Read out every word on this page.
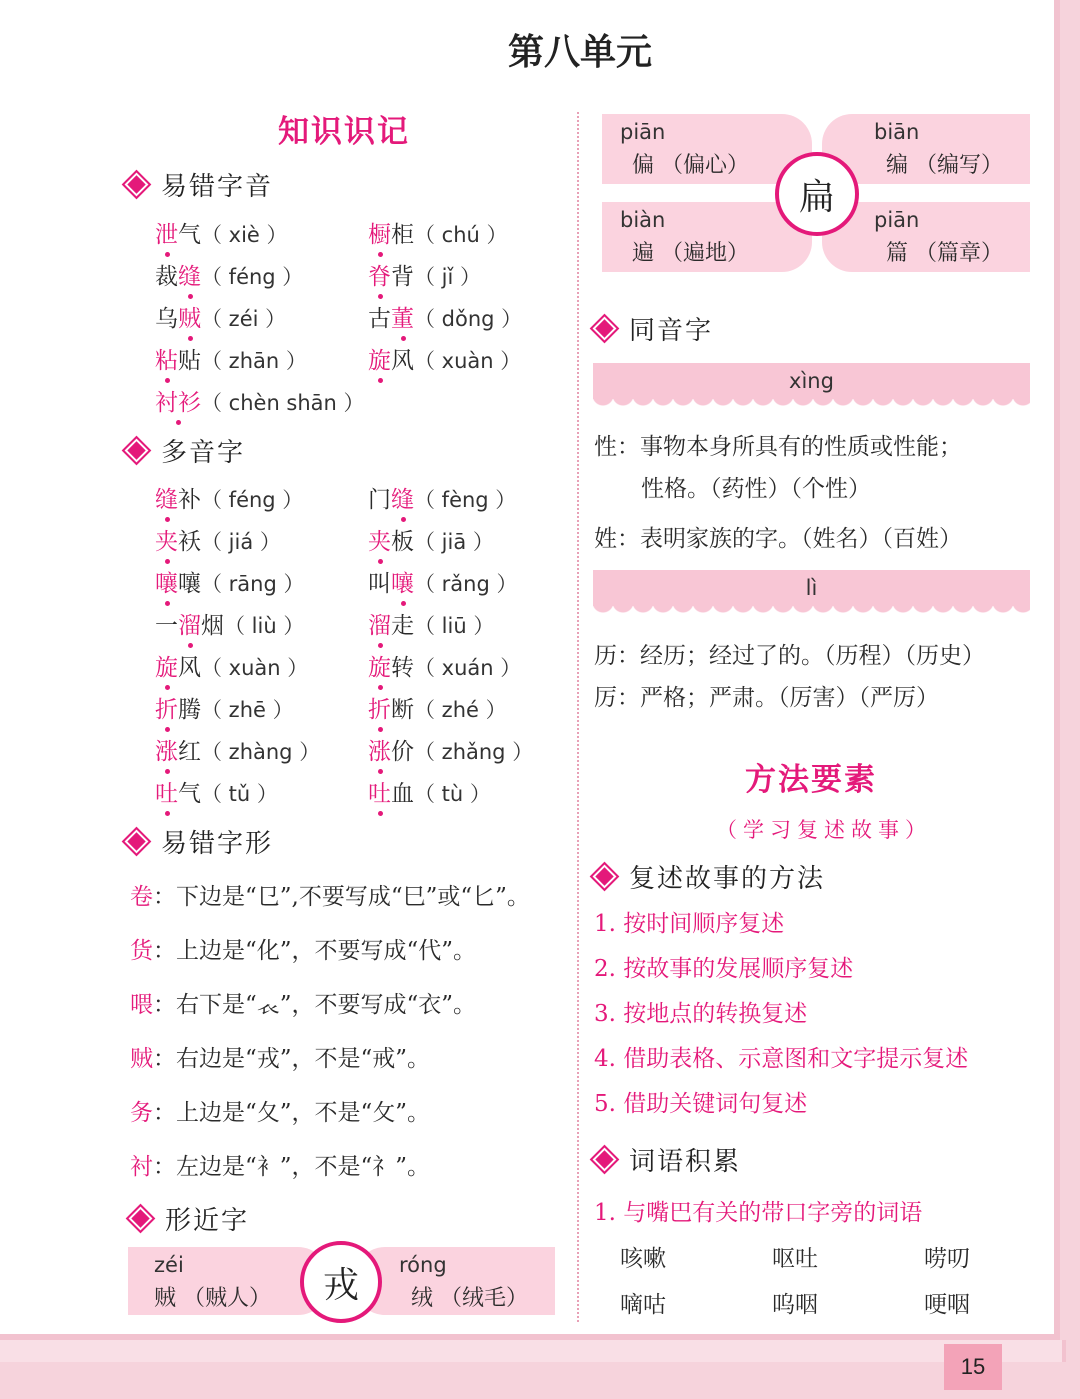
15
第八单元
知识识记
易错字音
泄气（ xiè ）	橱柜（ chú ）
裁缝（ féng ）	脊背（ jǐ ）
乌贼（ zéi ）	古董（ dǒng ）
粘贴（ zhān ）	旋风（ xuàn ）
衬衫（ chèn shān ）
多音字
缝补（ féng ）	门缝（ fèng ）
夹袄（ jiá ）	夹板（ jiā ）
嚷嚷（ rāng ）	叫嚷（ rǎng ）
一溜烟（ liù ）	溜走（ liū ）
旋风（ xuàn ）	旋转（ xuán ）
折腾（ zhē ）	折断（ zhé ）
涨红（ zhàng ） 涨价（ zhǎng ）
吐气（ tǔ ）	吐血（ tù ）
易错字形
卷：下边是“㔾”,不要写成“巳”或“匕”。
货：上边是“化”，不要写成“代”。
喂：右下是“𧘇”，不要写成“衣”。
贼：右边是“戎”，不是“戒”。
务：上边是“夂”，不是“攵”。
衬：左边是“衤”，不是“礻”。
形近字
zéi
贼 （贼人）
róng
绒 （绒毛）
戎
piān
偏 （偏心）
biān
编 （编写）
biàn
遍 （遍地）
piān
篇 （篇章）
扁
同音字
xìng
性：事物本身所具有的性质或性能；
性格。（药性）（个性）
姓：表明家族的字。（姓名）（百姓）
lì
历：经历；经过了的。（历程）（历史）
厉：严格；严肃。（厉害）（严厉）
方法要素
（学习复述故事）
复述故事的方法
1. 按时间顺序复述
2. 按故事的发展顺序复述
3. 按地点的转换复述
4. 借助表格、示意图和文字提示复述
5. 借助关键词句复述
词语积累
1. 与嘴巴有关的带口字旁的词语
咳嗽	呕吐	唠叨
嘀咕	呜咽	哽咽
